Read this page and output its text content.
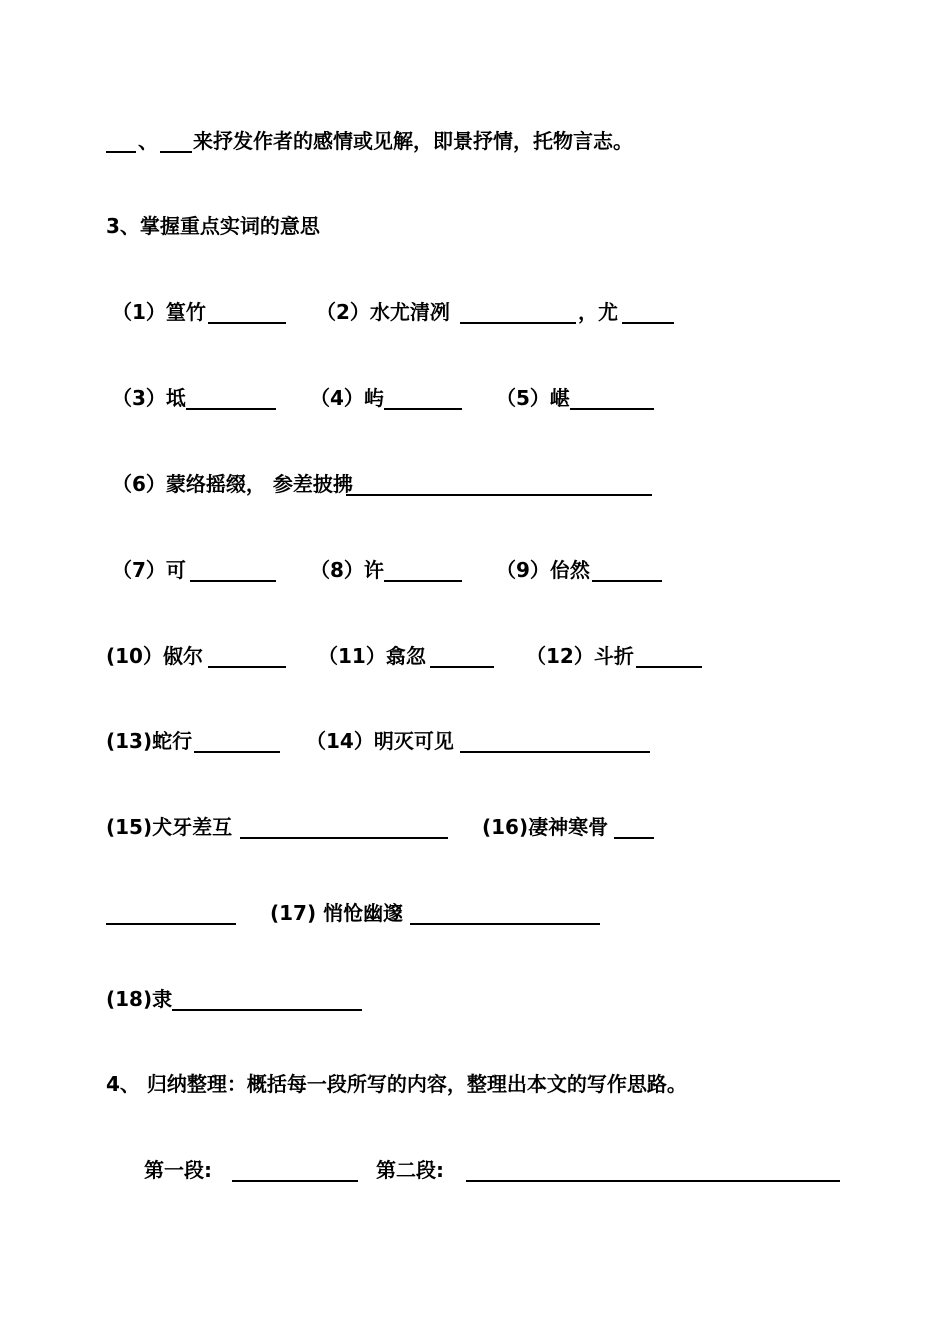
、 来抒发作者的感情或见解，即景抒情，托物言志。
3、掌握重点实词的意思
（1）篁竹	（2）水尤清冽	，尤
（3）坻	（4）屿	（5）嵁
（6）蒙络摇缀， 参差披拂
（7）可	（8）许	（9）佁然
(10）俶尔	（11）翕忽	（12）斗折
(13)蛇行	（14）明灭可见
(15)犬牙差互	(16)凄神寒骨
(17) 悄怆幽邃
(18)隶
4、 归纳整理：概括每一段所写的内容，整理出本文的写作思路。
第一段:	第二段:
